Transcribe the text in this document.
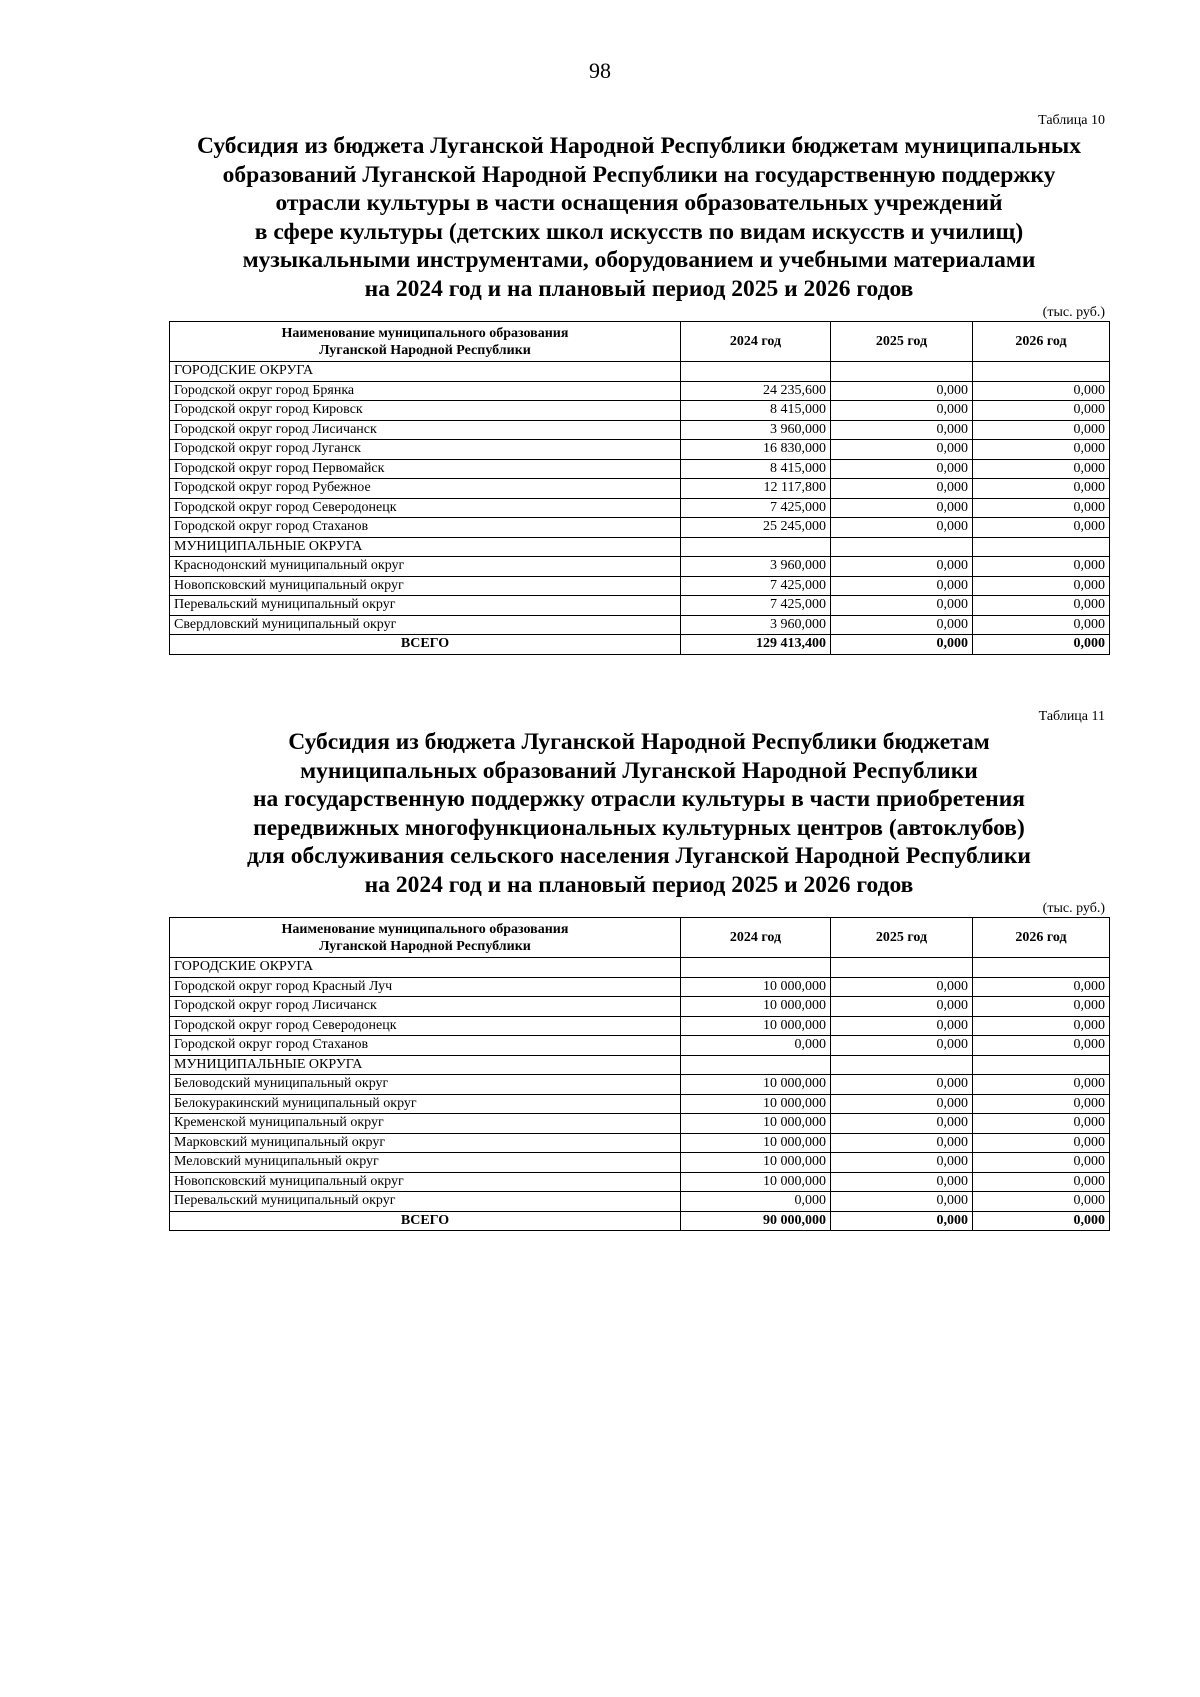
98
Таблица 10
Субсидия из бюджета Луганской Народной Республики бюджетам муниципальных
образований Луганской Народной Республики на государственную поддержку
отрасли культуры в части оснащения образовательных учреждений
в сфере культуры (детских школ искусств по видам искусств и училищ)
музыкальными инструментами, оборудованием и учебными материалами
на 2024 год и на плановый период 2025 и 2026 годов
(тыс. руб.)
Наименование муниципального образования
Луганской Народной Республики	2024 год	2025 год	2026 год
ГОРОДСКИЕ ОКРУГА			
Городской округ город Брянка	24 235,600	0,000	0,000
Городской округ город Кировск	8 415,000	0,000	0,000
Городской округ город Лисичанск	3 960,000	0,000	0,000
Городской округ город Луганск	16 830,000	0,000	0,000
Городской округ город Первомайск	8 415,000	0,000	0,000
Городской округ город Рубежное	12 117,800	0,000	0,000
Городской округ город Северодонецк	7 425,000	0,000	0,000
Городской округ город Стаханов	25 245,000	0,000	0,000
МУНИЦИПАЛЬНЫЕ ОКРУГА			
Краснодонский муниципальный округ	3 960,000	0,000	0,000
Новопсковский муниципальный округ	7 425,000	0,000	0,000
Перевальский муниципальный округ	7 425,000	0,000	0,000
Свердловский муниципальный округ	3 960,000	0,000	0,000
ВСЕГО	129 413,400	0,000	0,000
Таблица 11
Субсидия из бюджета Луганской Народной Республики бюджетам
муниципальных образований Луганской Народной Республики
на государственную поддержку отрасли культуры в части приобретения
передвижных многофункциональных культурных центров (автоклубов)
для обслуживания сельского населения Луганской Народной Республики
на 2024 год и на плановый период 2025 и 2026 годов
(тыс. руб.)
Наименование муниципального образования
Луганской Народной Республики	2024 год	2025 год	2026 год
ГОРОДСКИЕ ОКРУГА			
Городской округ город Красный Луч	10 000,000	0,000	0,000
Городской округ город Лисичанск	10 000,000	0,000	0,000
Городской округ город Северодонецк	10 000,000	0,000	0,000
Городской округ город Стаханов	0,000	0,000	0,000
МУНИЦИПАЛЬНЫЕ ОКРУГА			
Беловодский муниципальный округ	10 000,000	0,000	0,000
Белокуракинский муниципальный округ	10 000,000	0,000	0,000
Кременской муниципальный округ	10 000,000	0,000	0,000
Марковский муниципальный округ	10 000,000	0,000	0,000
Меловский муниципальный округ	10 000,000	0,000	0,000
Новопсковский муниципальный округ	10 000,000	0,000	0,000
Перевальский муниципальный округ	0,000	0,000	0,000
ВСЕГО	90 000,000	0,000	0,000
